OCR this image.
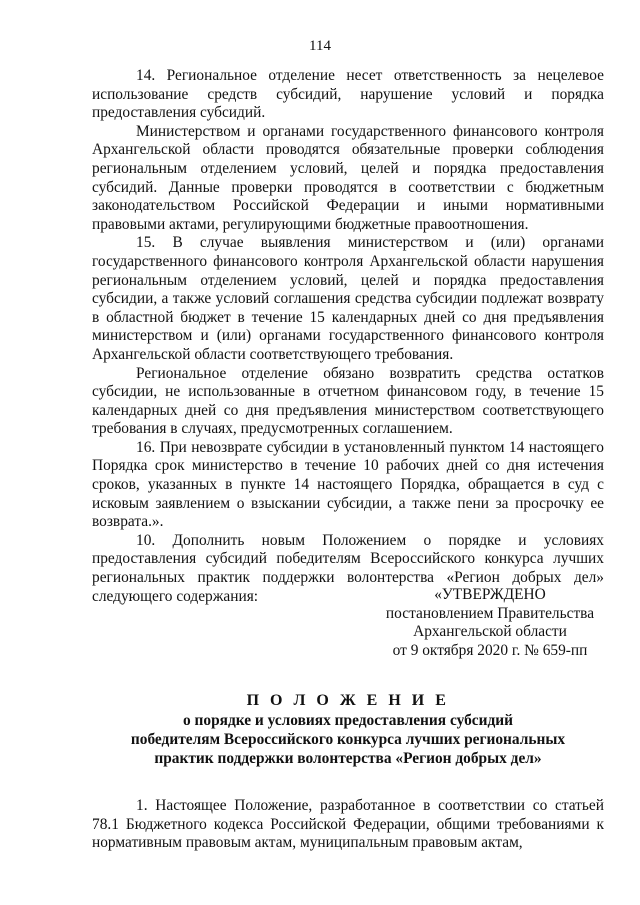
114

14. Региональное отделение несет ответственность за нецелевое использование средств субсидий, нарушение условий и порядка предоставления субсидий.

Министерством и органами государственного финансового контроля Архангельской области проводятся обязательные проверки соблюдения региональным отделением условий, целей и порядка предоставления субсидий. Данные проверки проводятся в соответствии с бюджетным законодательством Российской Федерации и иными нормативными правовыми актами, регулирующими бюджетные правоотношения.

15. В случае выявления министерством и (или) органами государственного финансового контроля Архангельской области нарушения региональным отделением условий, целей и порядка предоставления субсидии, а также условий соглашения средства субсидии подлежат возврату в областной бюджет в течение 15 календарных дней со дня предъявления министерством и (или) органами государственного финансового контроля Архангельской области соответствующего требования.

Региональное отделение обязано возвратить средства остатков субсидии, не использованные в отчетном финансовом году, в течение 15 календарных дней со дня предъявления министерством соответствующего требования в случаях, предусмотренных соглашением.

16. При невозврате субсидии в установленный пунктом 14 настоящего Порядка срок министерство в течение 10 рабочих дней со дня истечения сроков, указанных в пункте 14 настоящего Порядка, обращается в суд с исковым заявлением о взыскании субсидии, а также пени за просрочку ее возврата.».

10. Дополнить новым Положением о порядке и условиях предоставления субсидий победителям Всероссийского конкурса лучших региональных практик поддержки волонтерства «Регион добрых дел» следующего содержания:	«УТВЕРЖДЕНО
постановлением Правительства
Архангельской области
от 9 октября 2020 г. № 659-пп
П О Л О Ж Е Н И Е
о порядке и условиях предоставления субсидий
победителям Всероссийского конкурса лучших региональных
практик поддержки волонтерства «Регион добрых дел»

1. Настоящее Положение, разработанное в соответствии со статьей 78.1 Бюджетного кодекса Российской Федерации, общими требованиями к нормативным правовым актам, муниципальным правовым актам,
